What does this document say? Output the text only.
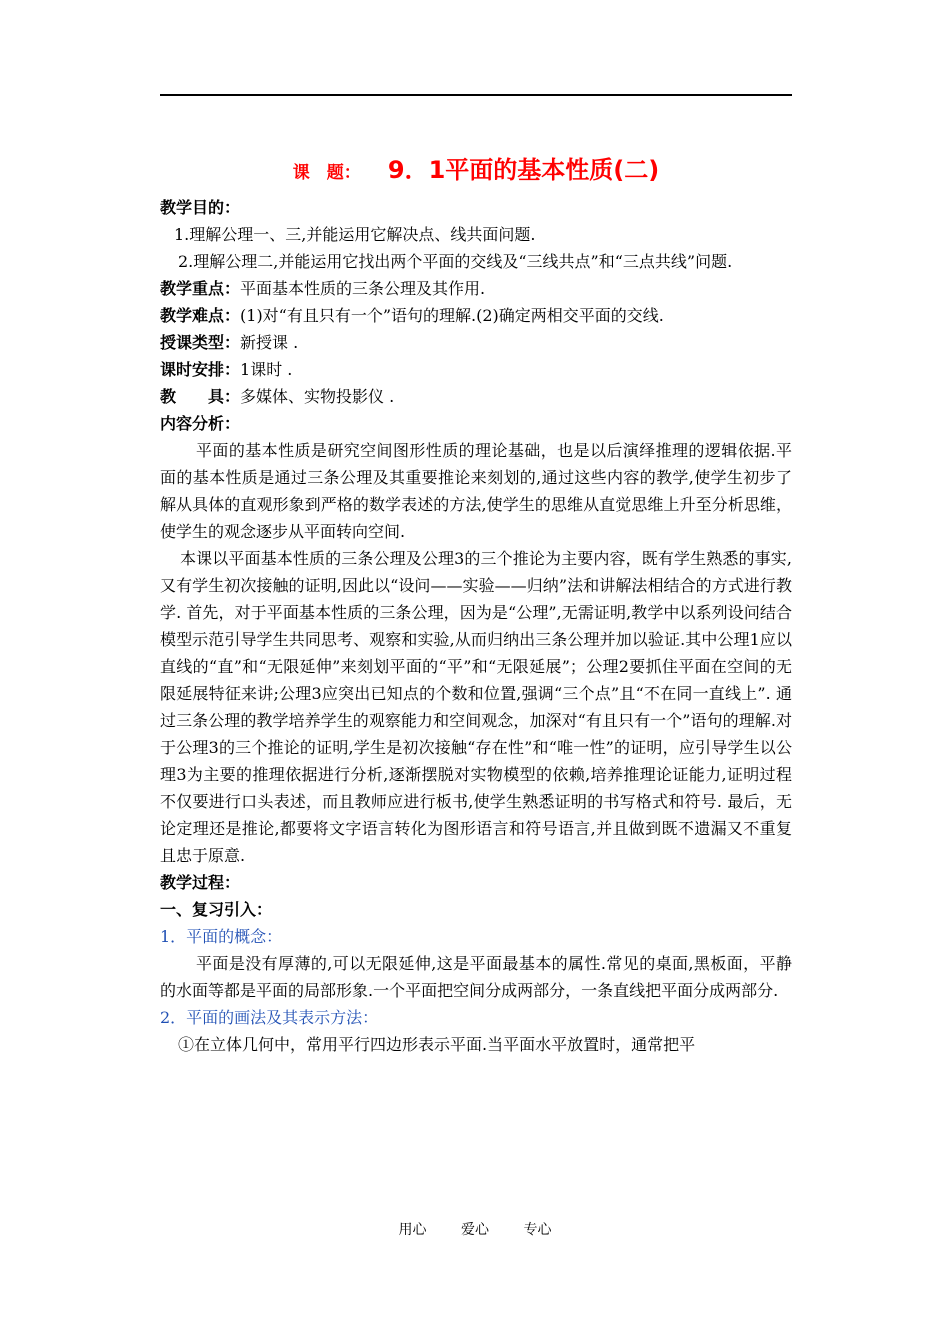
课　题： 9．1平面的基本性质(二)

教学目的：

1.理解公理一、三,并能运用它解决点、线共面问题.

2.理解公理二,并能运用它找出两个平面的交线及“三线共点”和“三点共线”问题.

教学重点：平面基本性质的三条公理及其作用.

教学难点：(1)对“有且只有一个”语句的理解.(2)确定两相交平面的交线.

授课类型：新授课 .

课时安排：1课时 .

教　　具：多媒体、实物投影仪 .

内容分析：

平面的基本性质是研究空间图形性质的理论基础，也是以后演绎推理的逻辑依据.平面的基本性质是通过三条公理及其重要推论来刻划的,通过这些内容的教学,使学生初步了解从具体的直观形象到严格的数学表述的方法,使学生的思维从直觉思维上升至分析思维，使学生的观念逐步从平面转向空间.

本课以平面基本性质的三条公理及公理3的三个推论为主要内容，既有学生熟悉的事实,又有学生初次接触的证明,因此以“设问——实验——归纳”法和讲解法相结合的方式进行教学. 首先，对于平面基本性质的三条公理，因为是“公理”,无需证明,教学中以系列设问结合模型示范引导学生共同思考、观察和实验,从而归纳出三条公理并加以验证.其中公理1应以直线的“直”和“无限延伸”来刻划平面的“平”和“无限延展”；公理2要抓住平面在空间的无限延展特征来讲;公理3应突出已知点的个数和位置,强调“三个点”且“不在同一直线上”. 通过三条公理的教学培养学生的观察能力和空间观念，加深对“有且只有一个”语句的理解.对于公理3的三个推论的证明,学生是初次接触“存在性”和“唯一性”的证明，应引导学生以公理3为主要的推理依据进行分析,逐渐摆脱对实物模型的依赖,培养推理论证能力,证明过程不仅要进行口头表述，而且教师应进行板书,使学生熟悉证明的书写格式和符号. 最后，无论定理还是推论,都要将文字语言转化为图形语言和符号语言,并且做到既不遗漏又不重复且忠于原意.

教学过程：

一、复习引入：

1．平面的概念：

平面是没有厚薄的,可以无限延伸,这是平面最基本的属性.常见的桌面,黑板面，平静的水面等都是平面的局部形象.一个平面把空间分成两部分，一条直线把平面分成两部分.

2．平面的画法及其表示方法：

①在立体几何中，常用平行四边形表示平面.当平面水平放置时，通常把平

用心 爱心 专心
